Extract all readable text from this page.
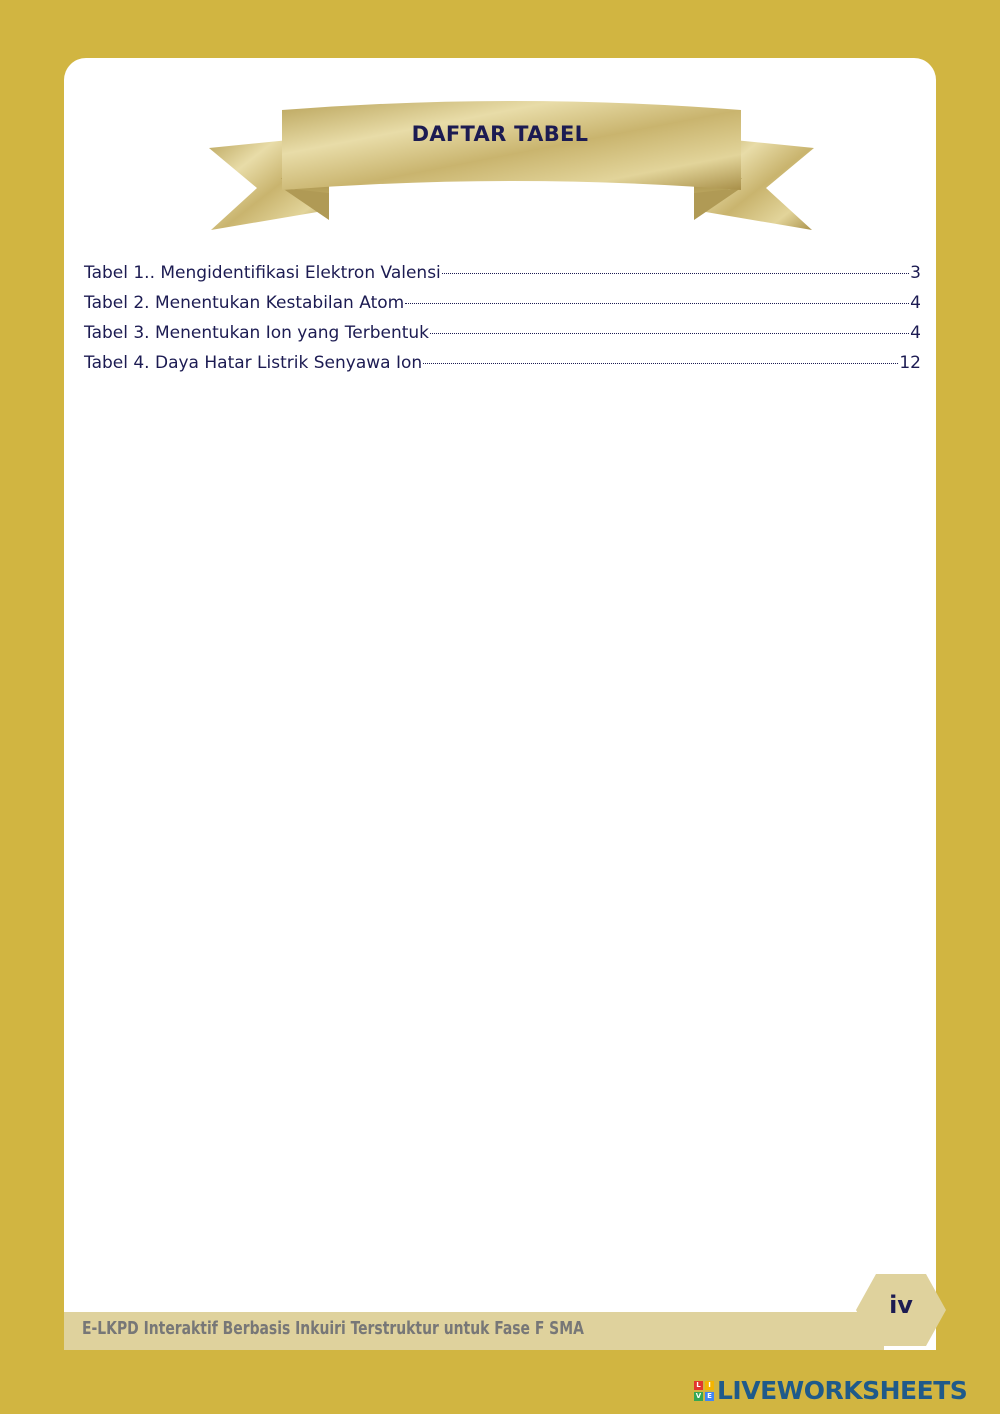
DAFTAR TABEL
Tabel 1.. Mengidentifikasi Elektron Valensi	3
Tabel 2. Menentukan Kestabilan Atom	4
Tabel 3. Menentukan Ion yang Terbentuk	4
Tabel 4. Daya Hatar Listrik Senyawa Ion	12
E-LKPD Interaktif Berbasis Inkuiri Terstruktur untuk Fase F SMA
iv
L	I
V E LIVEWORKSHEETS
